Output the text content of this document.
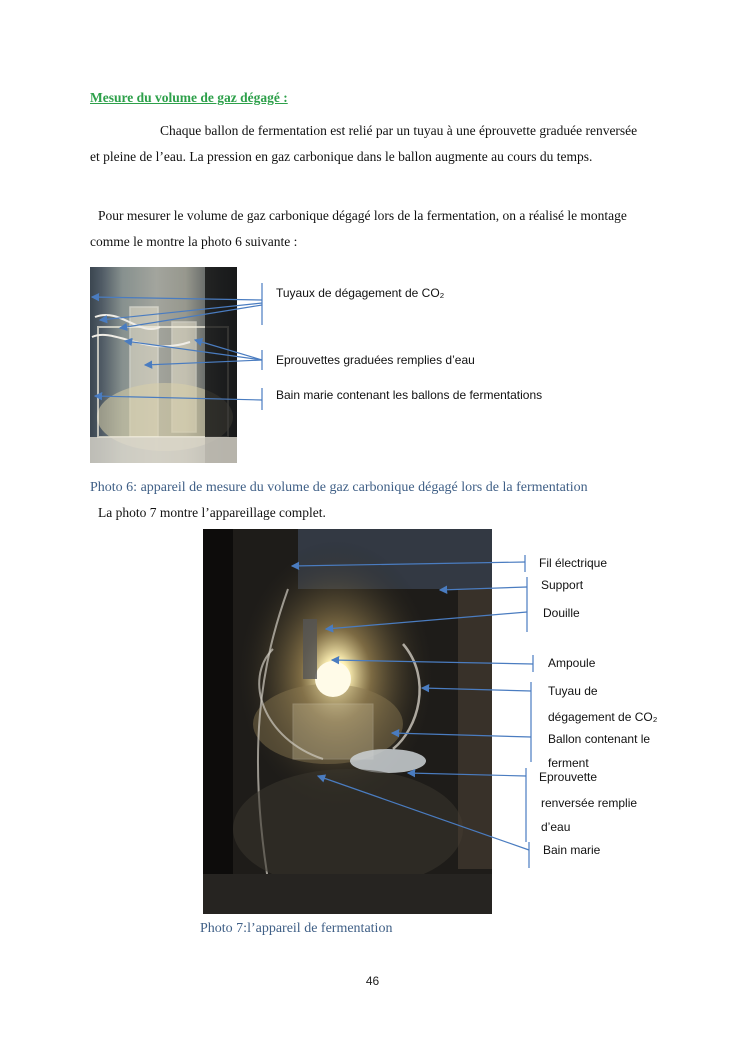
Mesure du volume de gaz dégagé :
Chaque ballon de fermentation est relié par un tuyau à une éprouvette graduée renversée et pleine de l’eau. La pression en gaz carbonique dans le ballon augmente au cours du temps.
Pour mesurer le volume de gaz carbonique dégagé lors de la fermentation, on a réalisé le montage comme le montre la photo 6 suivante :
Tuyaux de dégagement de CO₂
Eprouvettes graduées remplies d’eau
Bain marie contenant les ballons de fermentations
Photo 6: appareil de mesure du volume de gaz carbonique dégagé lors de la fermentation
La photo 7 montre l’appareillage complet.
Fil électrique
Support
Douille
Ampoule
Tuyau de
dégagement de CO₂
Ballon contenant le
ferment
Eprouvette
renversée remplie
d’eau
Bain marie
Photo 7:l’appareil de fermentation
46
